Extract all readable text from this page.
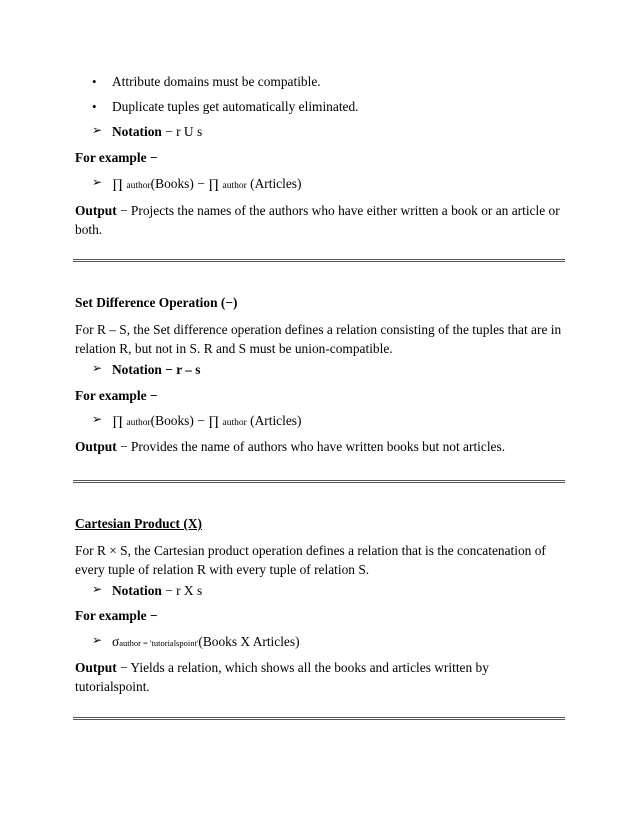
• Attribute domains must be compatible.
• Duplicate tuples get automatically eliminated.
➢ Notation − r U s
For example −
➢ ∏ author(Books) − ∏ author (Articles)
Output − Projects the names of the authors who have either written a book or an article or both.
Set Difference Operation (−)
For R – S, the Set difference operation defines a relation consisting of the tuples that are in relation R, but not in S. R and S must be union-compatible.
➢ Notation − r – s
For example −
➢ ∏ author(Books) − ∏ author (Articles)
Output − Provides the name of authors who have written books but not articles.
Cartesian Product (X)
For R × S, the Cartesian product operation defines a relation that is the concatenation of every tuple of relation R with every tuple of relation S.
➢ Notation − r X s
For example −
➢ σauthor = 'tutorialspoint'(Books X Articles)
Output − Yields a relation, which shows all the books and articles written by tutorialspoint.
